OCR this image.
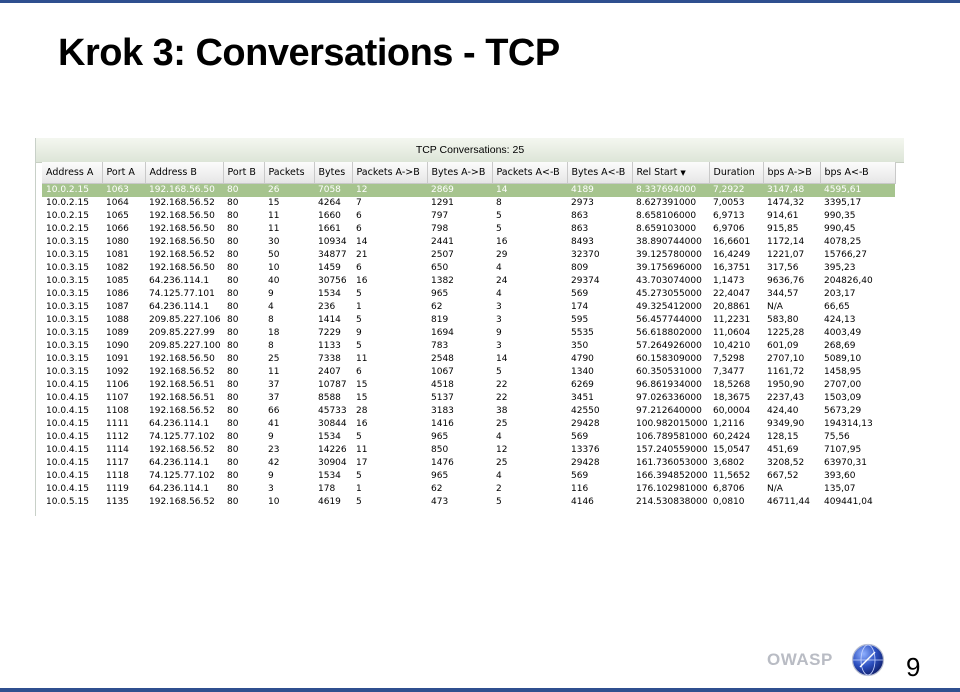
Krok 3: Conversations - TCP
TCP Conversations: 25
Address A	Port A	Address B	Port B	Packets	Bytes	Packets A->B	Bytes A->B	Packets A<-B	Bytes A<-B	Rel Start ▼	Duration	bps A->B	bps A<-B
10.0.2.15	1063	192.168.56.50	80	26	7058	12	2869	14	4189	8.337694000	7,2922	3147,48	4595,61
10.0.2.15	1064	192.168.56.52	80	15	4264	7	1291	8	2973	8.627391000	7,0053	1474,32	3395,17
10.0.2.15	1065	192.168.56.50	80	11	1660	6	797	5	863	8.658106000	6,9713	914,61	990,35
10.0.2.15	1066	192.168.56.50	80	11	1661	6	798	5	863	8.659103000	6,9706	915,85	990,45
10.0.3.15	1080	192.168.56.50	80	30	10934	14	2441	16	8493	38.890744000	16,6601	1172,14	4078,25
10.0.3.15	1081	192.168.56.52	80	50	34877	21	2507	29	32370	39.125780000	16,4249	1221,07	15766,27
10.0.3.15	1082	192.168.56.50	80	10	1459	6	650	4	809	39.175696000	16,3751	317,56	395,23
10.0.3.15	1085	64.236.114.1	80	40	30756	16	1382	24	29374	43.703074000	1,1473	9636,76	204826,40
10.0.3.15	1086	74.125.77.101	80	9	1534	5	965	4	569	45.273055000	22,4047	344,57	203,17
10.0.3.15	1087	64.236.114.1	80	4	236	1	62	3	174	49.325412000	20,8861	N/A	66,65
10.0.3.15	1088	209.85.227.106	80	8	1414	5	819	3	595	56.457744000	11,2231	583,80	424,13
10.0.3.15	1089	209.85.227.99	80	18	7229	9	1694	9	5535	56.618802000	11,0604	1225,28	4003,49
10.0.3.15	1090	209.85.227.100	80	8	1133	5	783	3	350	57.264926000	10,4210	601,09	268,69
10.0.3.15	1091	192.168.56.50	80	25	7338	11	2548	14	4790	60.158309000	7,5298	2707,10	5089,10
10.0.3.15	1092	192.168.56.52	80	11	2407	6	1067	5	1340	60.350531000	7,3477	1161,72	1458,95
10.0.4.15	1106	192.168.56.51	80	37	10787	15	4518	22	6269	96.861934000	18,5268	1950,90	2707,00
10.0.4.15	1107	192.168.56.51	80	37	8588	15	5137	22	3451	97.026336000	18,3675	2237,43	1503,09
10.0.4.15	1108	192.168.56.52	80	66	45733	28	3183	38	42550	97.212640000	60,0004	424,40	5673,29
10.0.4.15	1111	64.236.114.1	80	41	30844	16	1416	25	29428	100.982015000	1,2116	9349,90	194314,13
10.0.4.15	1112	74.125.77.102	80	9	1534	5	965	4	569	106.789581000	60,2424	128,15	75,56
10.0.4.15	1114	192.168.56.52	80	23	14226	11	850	12	13376	157.240559000	15,0547	451,69	7107,95
10.0.4.15	1117	64.236.114.1	80	42	30904	17	1476	25	29428	161.736053000	3,6802	3208,52	63970,31
10.0.4.15	1118	74.125.77.102	80	9	1534	5	965	4	569	166.394852000	11,5652	667,52	393,60
10.0.4.15	1119	64.236.114.1	80	3	178	1	62	2	116	176.102981000	6,8706	N/A	135,07
10.0.5.15	1135	192.168.56.52	80	10	4619	5	473	5	4146	214.530838000	0,0810	46711,44	409441,04
OWASP	9
